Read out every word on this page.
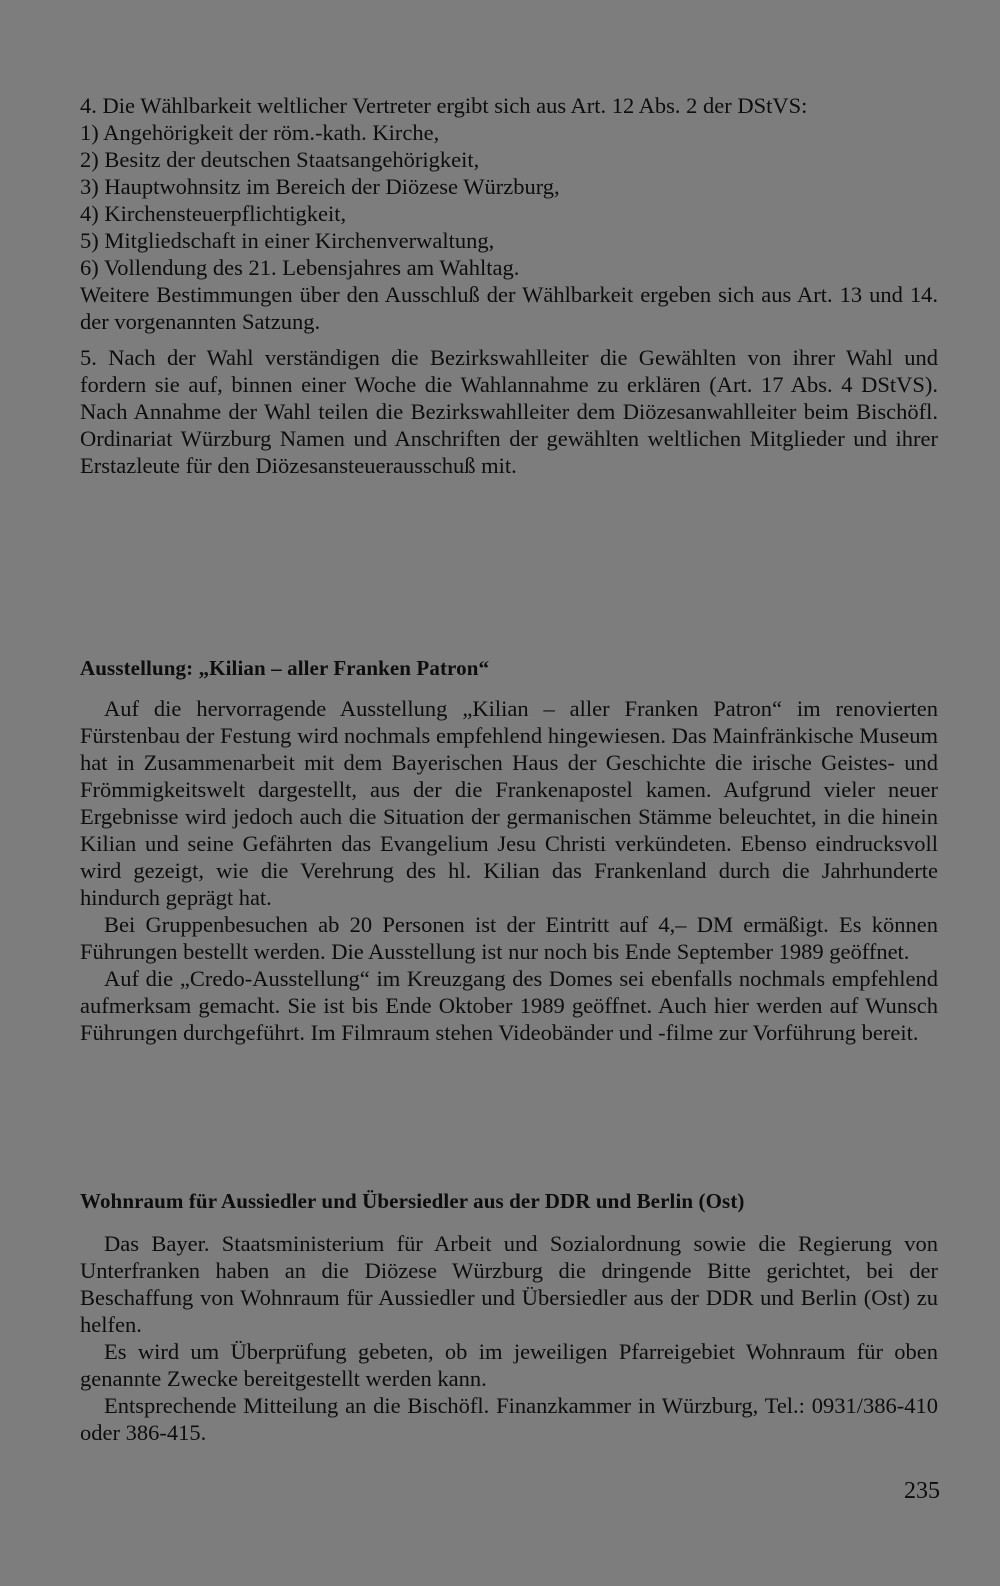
4. Die Wählbarkeit weltlicher Vertreter ergibt sich aus Art. 12 Abs. 2 der DStVS:

1) Angehörigkeit der röm.-kath. Kirche,

2) Besitz der deutschen Staatsangehörigkeit,

3) Hauptwohnsitz im Bereich der Diözese Würzburg,

4) Kirchensteuerpflichtigkeit,

5) Mitgliedschaft in einer Kirchenverwaltung,

6) Vollendung des 21. Lebensjahres am Wahltag.

Weitere Bestimmungen über den Ausschluß der Wählbarkeit ergeben sich aus Art. 13 und 14. der vorgenannten Satzung.

5. Nach der Wahl verständigen die Bezirkswahlleiter die Gewählten von ihrer Wahl und fordern sie auf, binnen einer Woche die Wahlannahme zu erklären (Art. 17 Abs. 4 DStVS). Nach Annahme der Wahl teilen die Bezirkswahlleiter dem Diözesanwahlleiter beim Bischöfl. Ordinariat Würzburg Namen und Anschriften der gewählten weltlichen Mitglieder und ihrer Erstazleute für den Diözesansteuerausschuß mit.

Ausstellung: „Kilian – aller Franken Patron“

Auf die hervorragende Ausstellung „Kilian – aller Franken Patron“ im renovierten Fürstenbau der Festung wird nochmals empfehlend hingewiesen. Das Mainfränkische Museum hat in Zusammenarbeit mit dem Bayerischen Haus der Geschichte die irische Geistes- und Frömmigkeitswelt dargestellt, aus der die Frankenapostel kamen. Aufgrund vieler neuer Ergebnisse wird jedoch auch die Situation der germanischen Stämme beleuchtet, in die hinein Kilian und seine Gefährten das Evangelium Jesu Christi verkündeten. Ebenso eindrucksvoll wird gezeigt, wie die Verehrung des hl. Kilian das Frankenland durch die Jahrhunderte hindurch geprägt hat.

Bei Gruppenbesuchen ab 20 Personen ist der Eintritt auf 4,– DM ermäßigt. Es können Führungen bestellt werden. Die Ausstellung ist nur noch bis Ende September 1989 geöffnet.

Auf die „Credo-Ausstellung“ im Kreuzgang des Domes sei ebenfalls nochmals empfehlend aufmerksam gemacht. Sie ist bis Ende Oktober 1989 geöffnet. Auch hier werden auf Wunsch Führungen durchgeführt. Im Filmraum stehen Videobänder und -filme zur Vorführung bereit.

Wohnraum für Aussiedler und Übersiedler aus der DDR und Berlin (Ost)

Das Bayer. Staatsministerium für Arbeit und Sozialordnung sowie die Regierung von Unterfranken haben an die Diözese Würzburg die dringende Bitte gerichtet, bei der Beschaffung von Wohnraum für Aussiedler und Übersiedler aus der DDR und Berlin (Ost) zu helfen.

Es wird um Überprüfung gebeten, ob im jeweiligen Pfarreigebiet Wohnraum für oben genannte Zwecke bereitgestellt werden kann.

Entsprechende Mitteilung an die Bischöfl. Finanzkammer in Würzburg, Tel.: 0931/386-410 oder 386-415.

235
